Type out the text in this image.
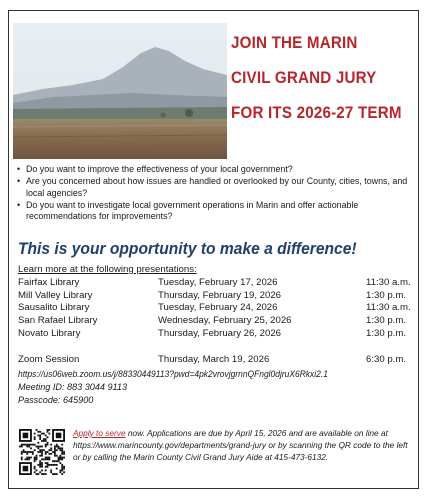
JOIN THE MARIN
CIVIL GRAND JURY
FOR ITS 2026-27 TERM
• Do you want to improve the effectiveness of your local government?
• Are you concerned about how issues are handled or overlooked by our County, cities, towns, and local agencies?
• Do you want to investigate local government operations in Marin and offer actionable recommendations for improvements?
This is your opportunity to make a difference!
Learn more at the following presentations:
Fairfax Library	Tuesday, February 17, 2026	11:30 a.m.
Mill Valley Library	Thursday, February 19, 2026	1:30 p.m.
Sausalito Library	Tuesday, February 24, 2026	11:30 a.m.
San Rafael Library	Wednesday, February 25, 2026	1:30 p.m.
Novato Library	Thursday, February 26, 2026	1:30 p.m.
Zoom Session	Thursday, March 19, 2026	6:30 p.m.
https://us06web.zoom.us/j/88330449113?pwd=4pk2vrovjgrnnQFngl0djruX6Rkxi2.1
Meeting ID: 883 3044 9113
Passcode: 645900
Apply to serve now. Applications are due by April 15, 2026 and are available on line at https://www.marincounty.gov/departments/grand-jury or by scanning the QR code to the left or by calling the Marin County Civil Grand Jury Aide at 415-473-6132.
